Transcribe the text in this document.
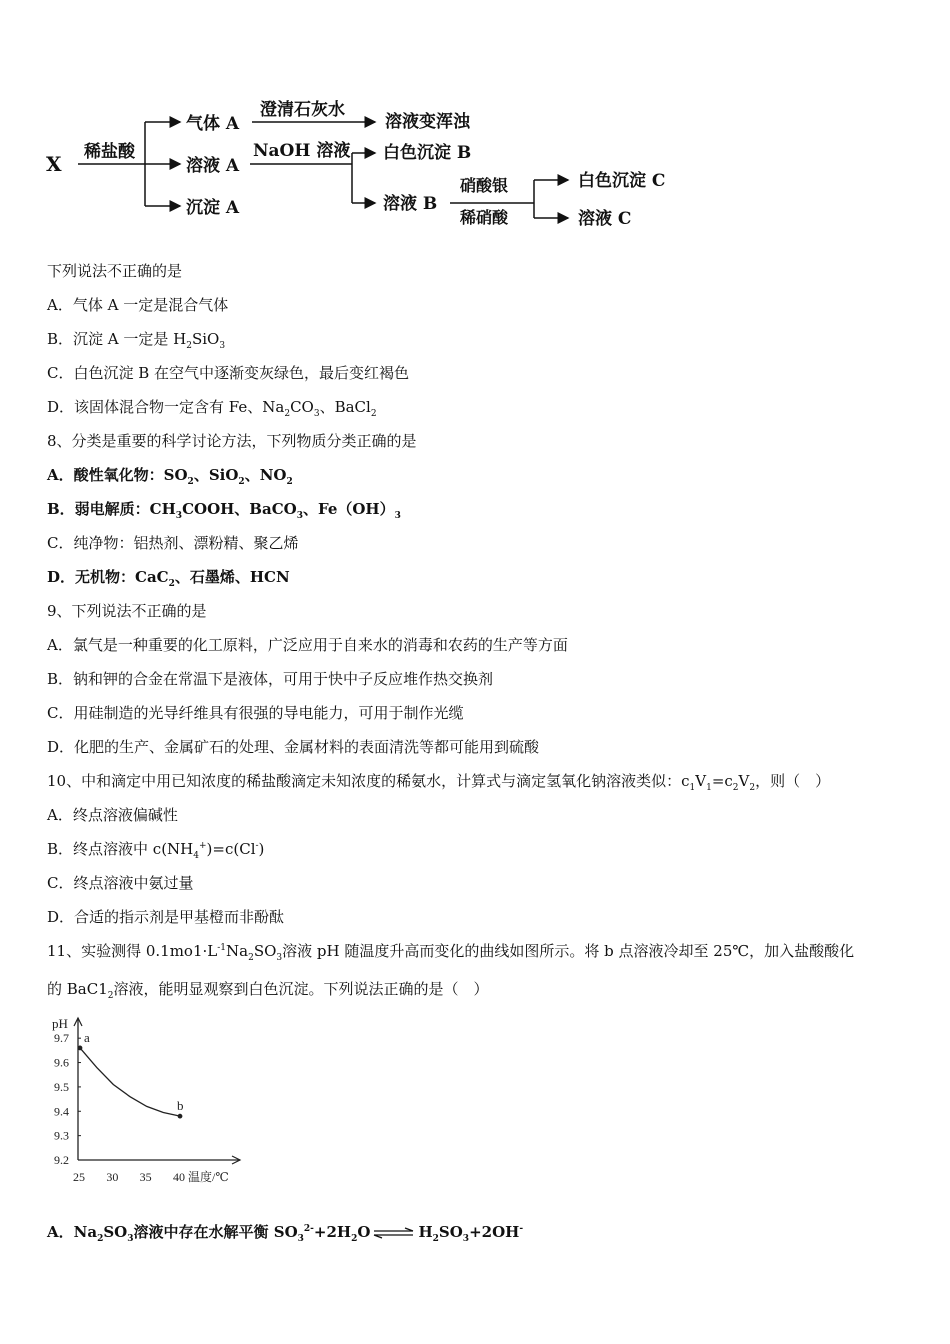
X 稀盐酸
气体 A
溶液 A
沉淀 A
澄清石灰水
溶液变浑浊
NaOH 溶液 白色沉淀 B
溶液 B
硝酸银
稀硝酸
白色沉淀 C
溶液 C
下列说法不正确的是
A．气体 A 一定是混合气体
B．沉淀 A 一定是 $H_2SiO_3$
C．白色沉淀 B 在空气中逐渐变灰绿色，最后变红褐色
D．该固体混合物一定含有 Fe、$Na_2CO_3$、BaCl$_2$
8、分类是重要的科学讨论方法，下列物质分类正确的是
A．酸性氧化物：$SO_2$、SiO$_2$、$NO_2$
B．弱电解质：$CH_3COOH$、BaCO$_3$、$Fe(OH)_3$
C．纯净物：铝热剂、漂粉精、聚乙烯
D．无机物：CaC$_2$、石墨烯、HCN
9、下列说法不正确的是
A．氯气是一种重要的化工原料，广泛应用于自来水的消毒和农药的生产等方面
B．钠和钾的合金在常温下是液体，可用于快中子反应堆作热交换剂
C．用硅制造的光导纤维具有很强的导电能力，可用于制作光缆
D．化肥的生产、金属矿石的处理、金属材料的表面清洗等都可能用到硫酸
10、中和滴定中用已知浓度的稀盐酸滴定未知浓度的稀氨水，计算式与滴定氢氧化钠溶液类似：$c_1V_1=c_2V_2$，则（　）
A．终点溶液偏碱性
B．终点溶液中 $c(NH_4^+)=c(Cl^-)$
C．终点溶液中氨过量
D．合适的指示剂是甲基橙而非酚酞
11、实验测得 $0.1mo1\cdot L^{-1}Na_2SO_3$溶液 pH 随温度升高而变化的曲线如图所示。将 b 点溶液冷却至 25℃，加入盐酸酸化
的 $BaC1_2$溶液，能明显观察到白色沉淀。下列说法正确的是（　）
pH
温度/℃
9.2
9.3
9.4
9.5
9.6
9.7
25 30 35 40
a
b
A．$Na_2SO_3$溶液中存在水解平衡 $SO_3^{2-}+2H_2O$ ⇌ $H_2SO_3+2OH^-$
